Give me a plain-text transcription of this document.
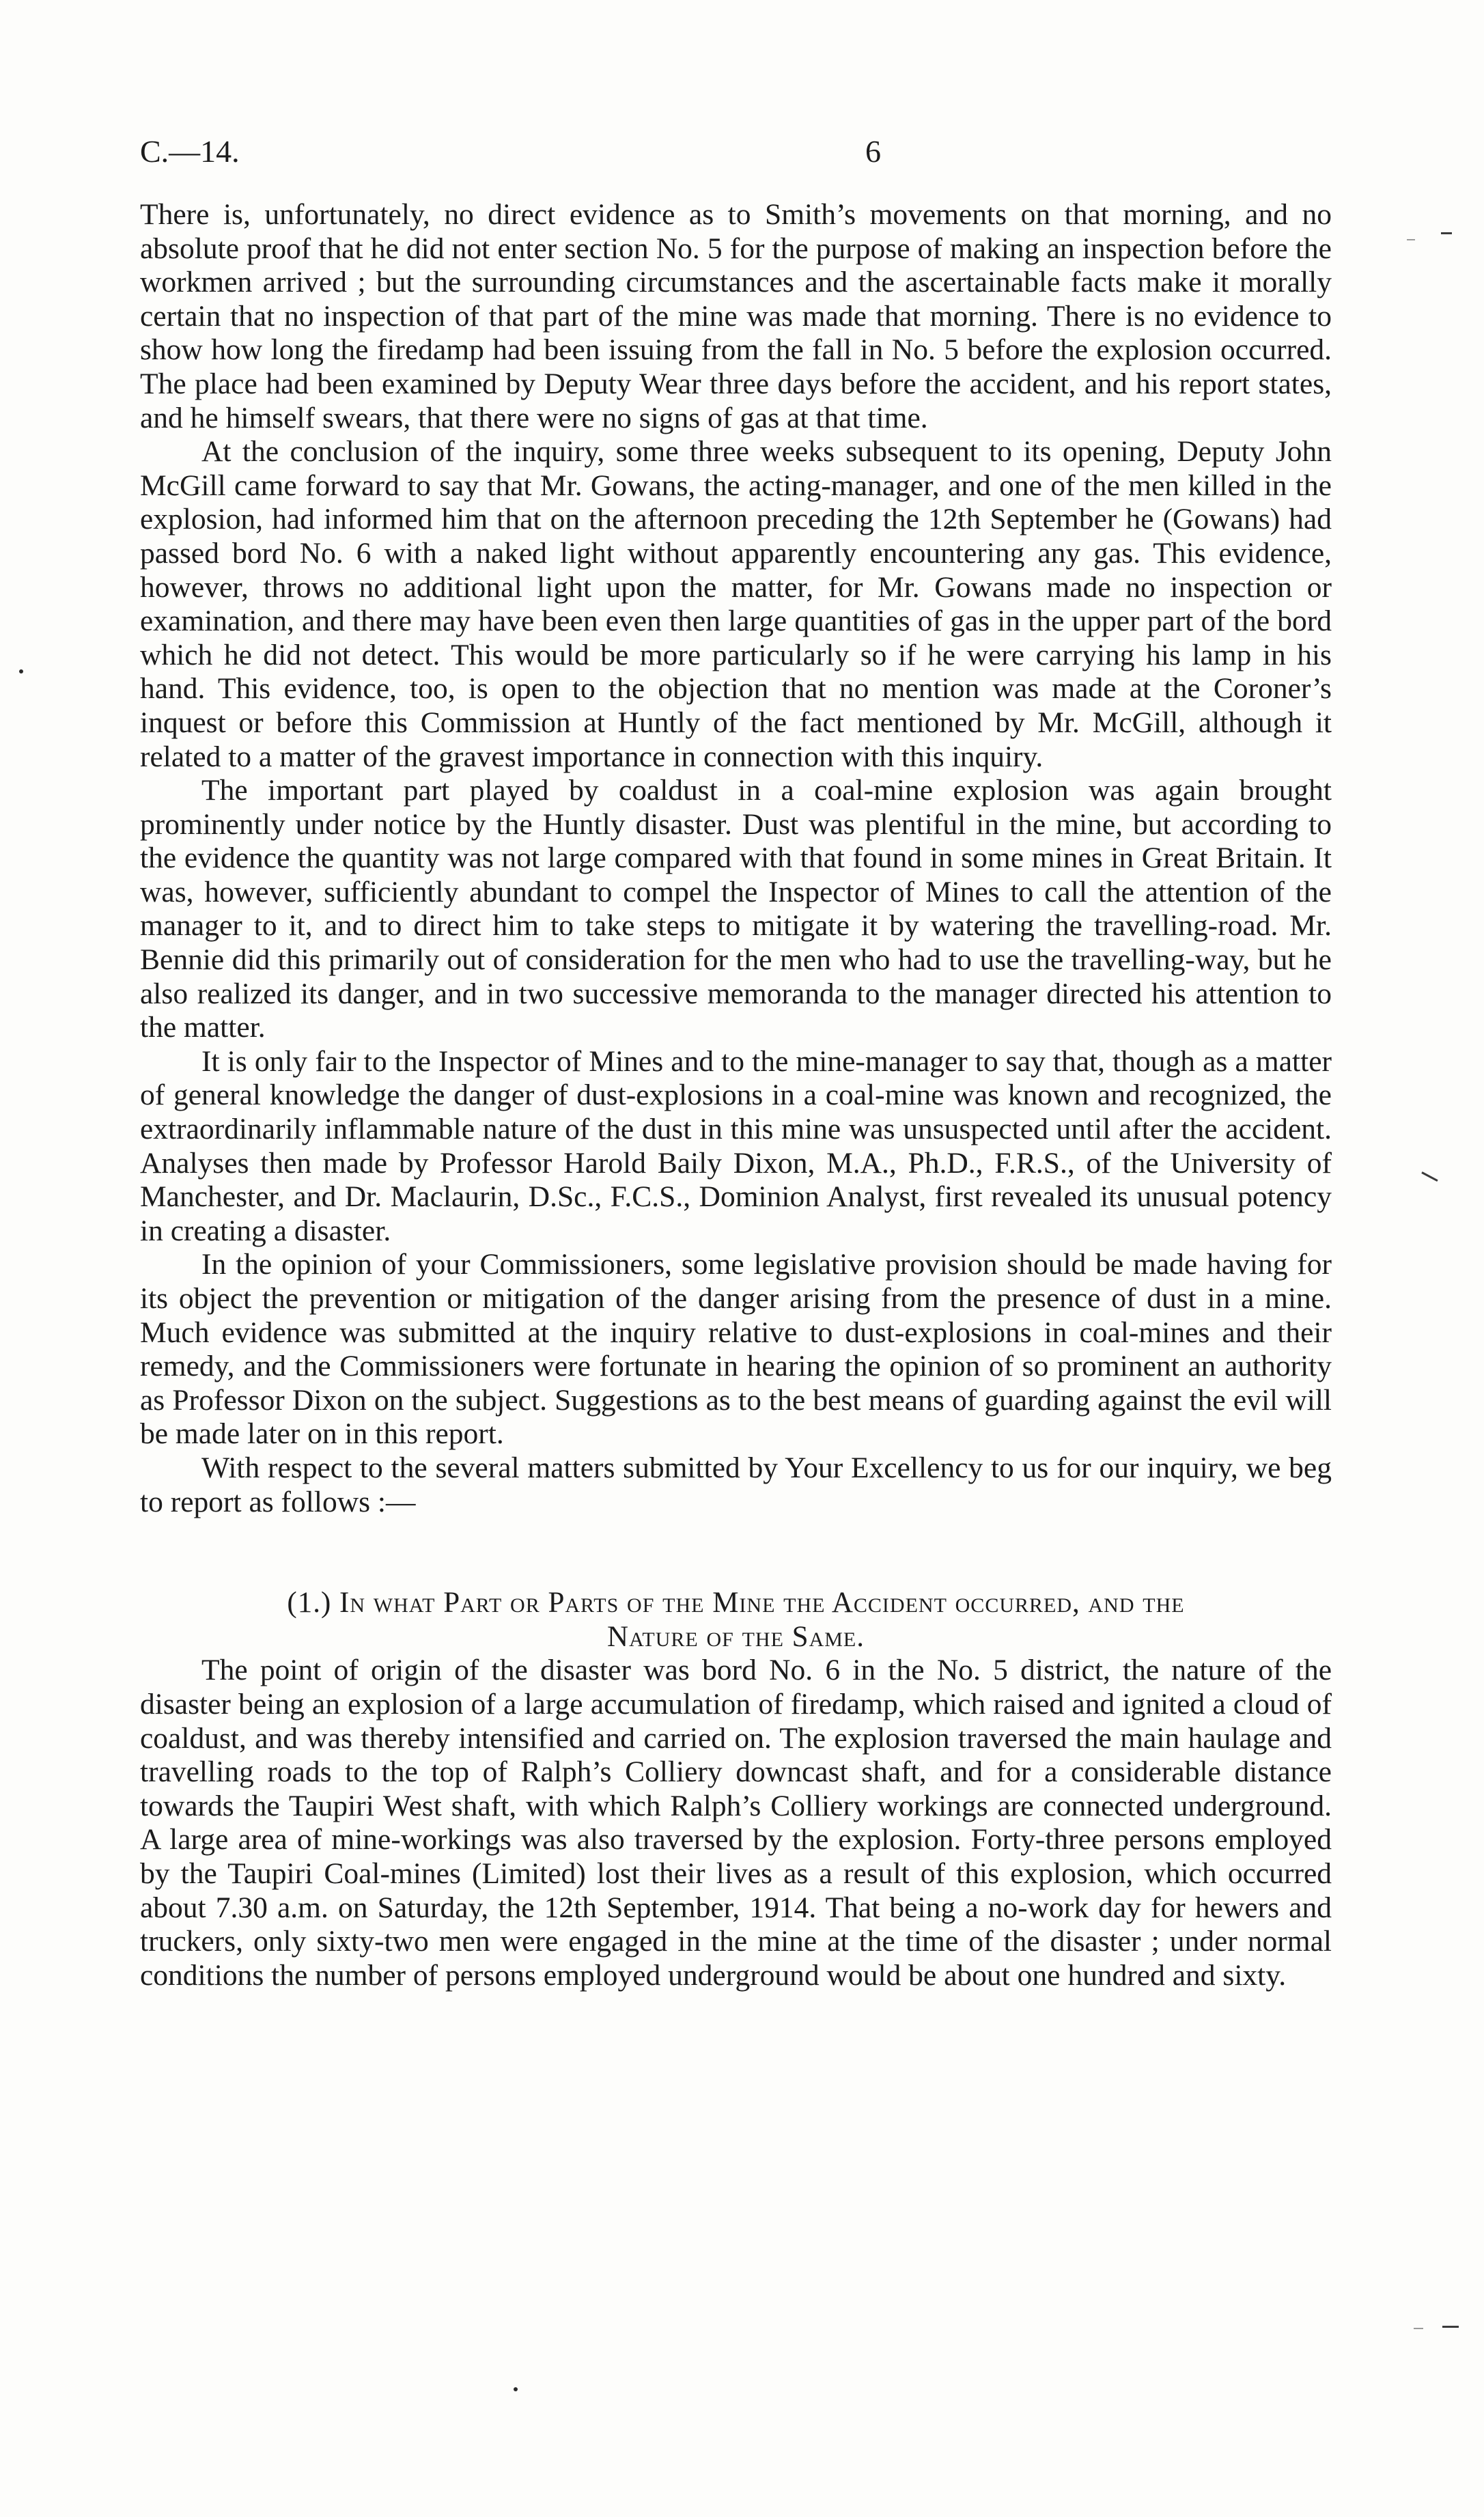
C.—14.	6

There is, unfortunately, no direct evidence as to Smith’s movements on that morning, and no absolute proof that he did not enter section No. 5 for the purpose of making an inspection before the workmen arrived ; but the surrounding circumstances and the ascertainable facts make it morally certain that no inspection of that part of the mine was made that morning. There is no evidence to show how long the firedamp had been issuing from the fall in No. 5 before the explosion occurred. The place had been examined by Deputy Wear three days before the accident, and his report states, and he himself swears, that there were no signs of gas at that time.

At the conclusion of the inquiry, some three weeks subsequent to its opening, Deputy John McGill came forward to say that Mr. Gowans, the acting-manager, and one of the men killed in the explosion, had informed him that on the afternoon preceding the 12th September he (Gowans) had passed bord No. 6 with a naked light without apparently encountering any gas. This evidence, however, throws no additional light upon the matter, for Mr. Gowans made no inspection or examination, and there may have been even then large quantities of gas in the upper part of the bord which he did not detect. This would be more particularly so if he were carrying his lamp in his hand. This evidence, too, is open to the objection that no mention was made at the Coroner’s inquest or before this Commission at Huntly of the fact mentioned by Mr. McGill, although it related to a matter of the gravest importance in connection with this inquiry.

The important part played by coaldust in a coal-mine explosion was again brought prominently under notice by the Huntly disaster. Dust was plentiful in the mine, but according to the evidence the quantity was not large compared with that found in some mines in Great Britain. It was, however, sufficiently abundant to compel the Inspector of Mines to call the attention of the manager to it, and to direct him to take steps to mitigate it by watering the travelling-road. Mr. Bennie did this primarily out of consideration for the men who had to use the travelling-way, but he also realized its danger, and in two successive memoranda to the manager directed his attention to the matter.

It is only fair to the Inspector of Mines and to the mine-manager to say that, though as a matter of general knowledge the danger of dust-explosions in a coal-mine was known and recognized, the extraordinarily inflammable nature of the dust in this mine was unsuspected until after the accident. Analyses then made by Professor Harold Baily Dixon, M.A., Ph.D., F.R.S., of the University of Manchester, and Dr. Maclaurin, D.Sc., F.C.S., Dominion Analyst, first revealed its unusual potency in creating a disaster.

In the opinion of your Commissioners, some legislative provision should be made having for its object the prevention or mitigation of the danger arising from the presence of dust in a mine. Much evidence was submitted at the inquiry relative to dust-explosions in coal-mines and their remedy, and the Commissioners were fortunate in hearing the opinion of so prominent an authority as Professor Dixon on the subject. Suggestions as to the best means of guarding against the evil will be made later on in this report.

With respect to the several matters submitted by Your Excellency to us for our inquiry, we beg to report as follows :—

(1.) In what Part or Parts of the Mine the Accident occurred, and the
Nature of the Same.

The point of origin of the disaster was bord No. 6 in the No. 5 district, the nature of the disaster being an explosion of a large accumulation of firedamp, which raised and ignited a cloud of coaldust, and was thereby intensified and carried on. The explosion traversed the main haulage and travelling roads to the top of Ralph’s Colliery downcast shaft, and for a considerable distance towards the Taupiri West shaft, with which Ralph’s Colliery workings are connected underground. A large area of mine-workings was also traversed by the explosion. Forty-three persons employed by the Taupiri Coal-mines (Limited) lost their lives as a result of this explosion, which occurred about 7.30 a.m. on Saturday, the 12th September, 1914. That being a no-work day for hewers and truckers, only sixty-two men were engaged in the mine at the time of the disaster ; under normal conditions the number of persons employed underground would be about one hundred and sixty.
